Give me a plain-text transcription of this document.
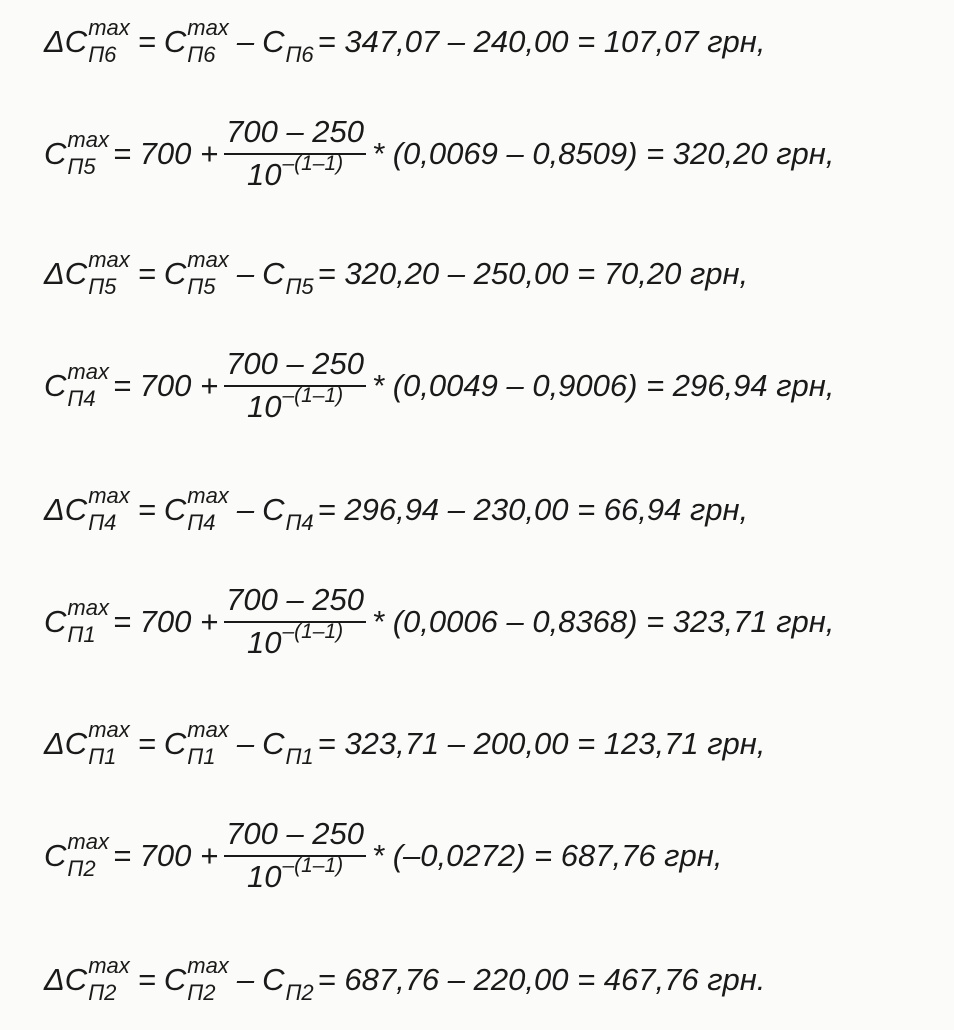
ΔC max
П6 = C max
П6 – C П6 = 347,07 – 240,00 = 107,07 грн,
C max
$П5 = 700 + \frac{700 - 250}{10 -(1-1)} * (0,0069 - 0,8509) = 320,20$ грн,
ΔC max
П5 = C max
П5 – C П5 = 320,20 – 250,00 = 70,20 грн,
C max
$П4 = 700 + \frac{700 - 250}{10 -(1-1)} * (0,0049 - 0,9006) = 296,94$ грн,
ΔC max
П4 = C max
П4 – C П4 = 296,94 – 230,00 = 66,94 грн,
C max
$П1 = 700 + \frac{700 - 250}{10 -(1-1)} * (0,0006 - 0,8368) = 323,71$ грн,
ΔC max
П1 = C max
П1 – C П1 = 323,71 – 200,00 = 123,71 грн,
C max
$П2 = 700 + \frac{700 - 250}{10 -(1-1)} * (-0,0272) = 687,76$ грн,
ΔC max
П2 = C max
П2 – C П2 = 687,76 – 220,00 = 467,76 грн.
